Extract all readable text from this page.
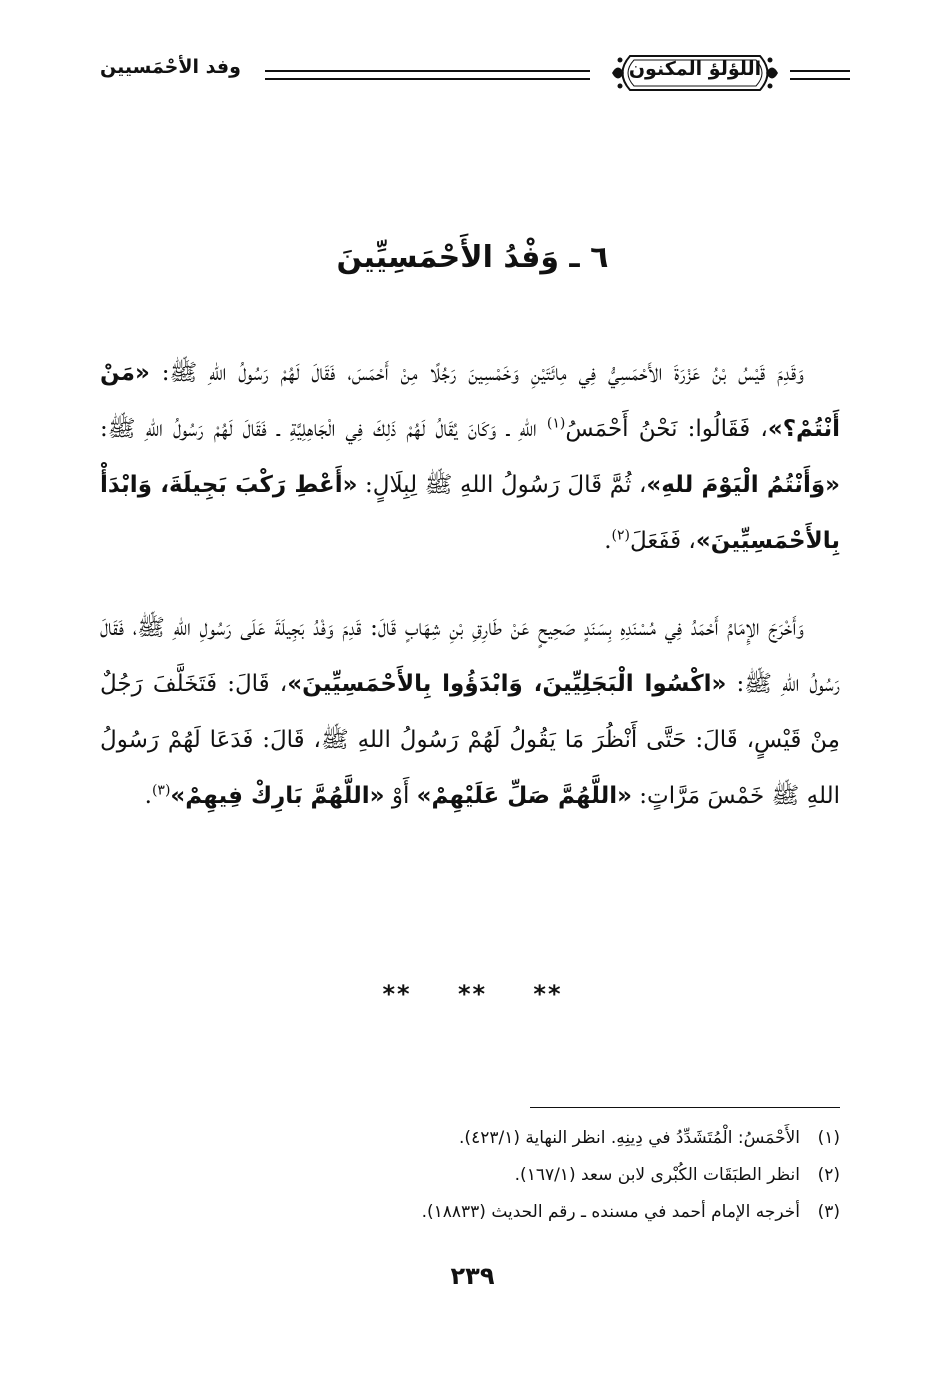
اللؤلؤ المكنون
وفد الأحْمَسيين
٦ ـ وَفْدُ الأَحْمَسِيِّينَ
وَقَدِمَ قَيْسُ بْنُ عَزْرَةَ الأَحْمَسِيُّ فِي مِائَتَيْنِ وَخَمْسِينَ رَجُلًا مِنْ أَحْمَسَ، فَقَالَ لَهُمْ رَسُولُ اللهِ ﷺ: «مَنْ أَنْتُمْ؟»، فَقَالُوا: نَحْنُ أَحْمَسُ$^{(١)}$ اللهِ ـ وَكَانَ يُقَالُ لَهُمْ ذَلِكَ فِي الْجَاهِلِيَّةِ ـ فَقَالَ لَهُمْ رَسُولُ اللهِ ﷺ: «وَأَنْتُمُ الْيَوْمَ للهِ»، ثُمَّ قَالَ رَسُولُ اللهِ ﷺ لِبِلَالٍ: «أَعْطِ رَكْبَ بَجِيلَةَ، وَابْدَأْ بِالأَحْمَسِيِّينَ»، فَفَعَلَ$^{(٢)}$.
وَأَخْرَجَ الإِمَامُ أَحْمَدُ فِي مُسْنَدِهِ بِسَنَدٍ صَحِيحٍ عَنْ طَارِقِ بْنِ شِهَابٍ قَالَ: قَدِمَ وَفْدُ بَجِيلَةَ عَلَى رَسُولِ اللهِ ﷺ، فَقَالَ رَسُولُ اللهِ ﷺ: «اكْسُوا الْبَجَلِيِّينَ، وَابْدَؤُوا بِالأَحْمَسِيِّينَ»، قَالَ: فَتَخَلَّفَ رَجُلٌ مِنْ قَيْسٍ، قَالَ: حَتَّى أَنْظُرَ مَا يَقُولُ لَهُمْ رَسُولُ اللهِ ﷺ، قَالَ: فَدَعَا لَهُمْ رَسُولُ اللهِ ﷺ خَمْسَ مَرَّاتٍ: «اللَّهُمَّ صَلِّ عَلَيْهِمْ» أَوْ «اللَّهُمَّ بَارِكْ فِيهِمْ»$^{(٣)}$.
** ** **
(١)
الأَحْمَسُ: الْمُتَشَدِّدُ في دِينِهِ. انظر النهاية (٤٢٣/١).
(٢)
انظر الطبَقَات الكُبْرى لابن سعد (١٦٧/١).
(٣)
أخرجه الإمام أحمد في مسنده ـ رقم الحديث (١٨٨٣٣).
٢٣٩
